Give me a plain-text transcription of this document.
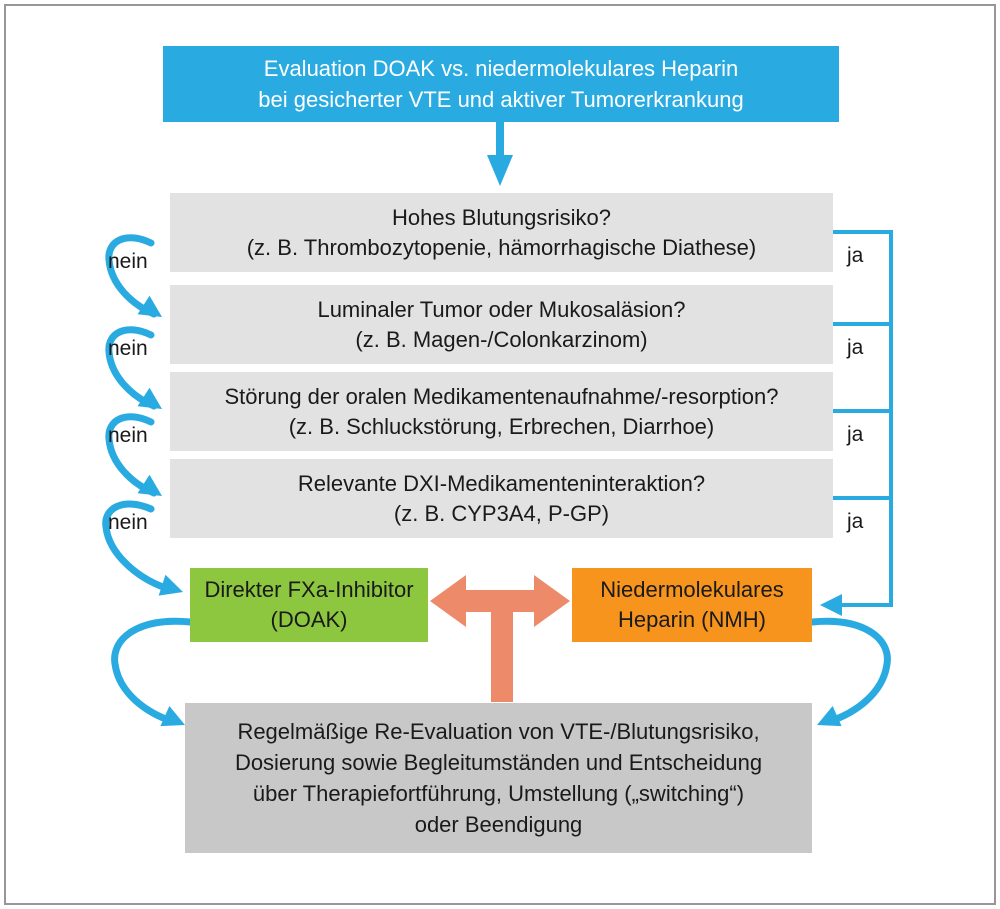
Evaluation DOAK vs. niedermolekulares Heparin
bei gesicherter VTE und aktiver Tumorerkrankung
Hohes Blutungsrisiko?
(z. B. Thrombozytopenie, hämorrhagische Diathese)
Luminaler Tumor oder Mukosaläsion?
(z. B. Magen-/Colonkarzinom)
Störung der oralen Medikamentenaufnahme/-resorption?
(z. B. Schluckstörung, Erbrechen, Diarrhoe)
Relevante DXI-Medikamenteninteraktion?
(z. B. CYP3A4, P-GP)
nein
nein
nein
nein
ja
ja
ja
ja
Direkter FXa-Inhibitor
(DOAK)
Niedermolekulares
Heparin (NMH)
Regelmäßige Re-Evaluation von VTE-/Blutungsrisiko,
Dosierung sowie Begleitumständen und Entscheidung
über Therapiefortführung, Umstellung („switching“)
oder Beendigung
